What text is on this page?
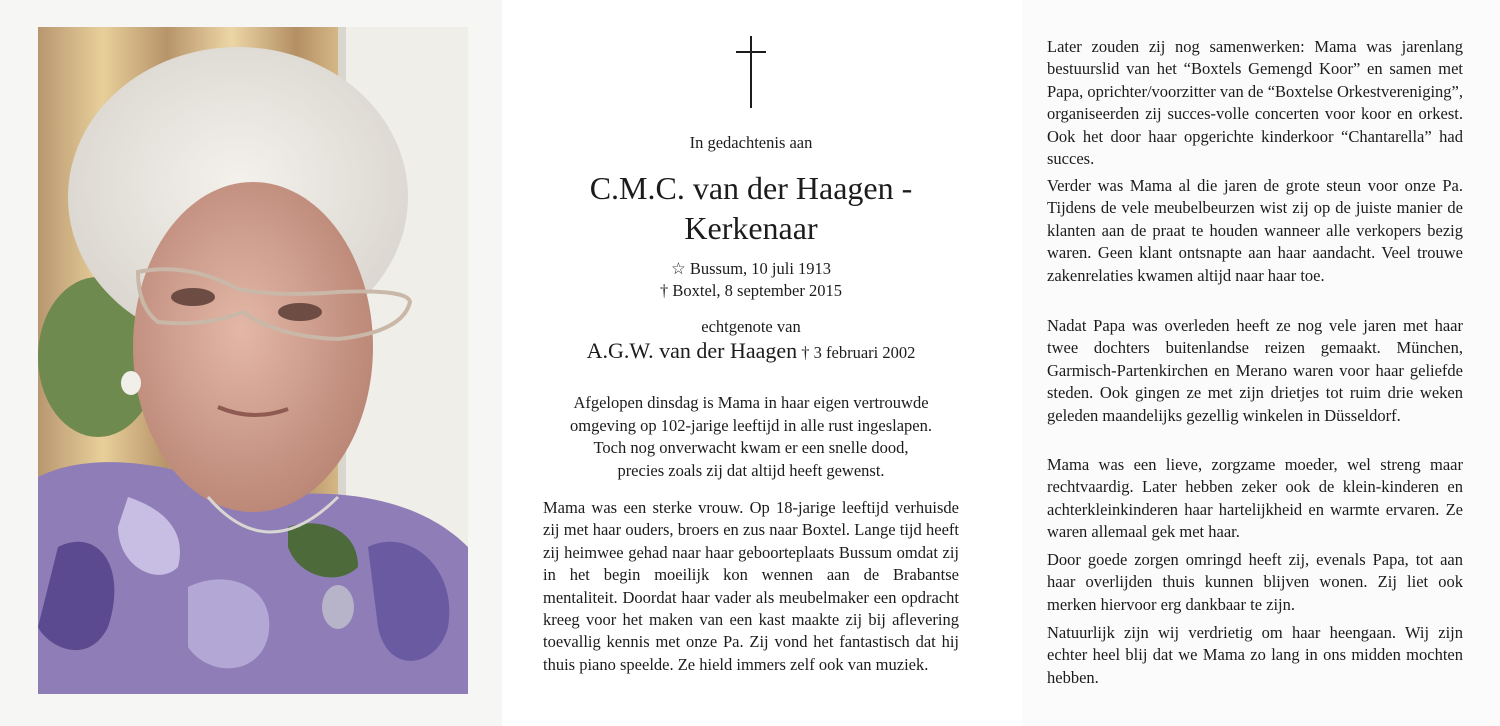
In gedachtenis aan

C.M.C. van der Haagen -
Kerkenaar

☆ Bussum, 10 juli 1913

† Boxtel, 8 september 2015

echtgenote van

A.G.W. van der Haagen † 3 februari 2002

Afgelopen dinsdag is Mama in haar eigen vertrouwde
omgeving op 102-jarige leeftijd in alle rust ingeslapen.
Toch nog onverwacht kwam er een snelle dood,
precies zoals zij dat altijd heeft gewenst.

Mama was een sterke vrouw. Op 18-jarige leeftijd verhuisde zij met haar ouders, broers en zus naar Boxtel. Lange tijd heeft zij heimwee gehad naar haar geboorteplaats Bussum omdat zij in het begin moeilijk kon wennen aan de Brabantse mentaliteit. Doordat haar vader als meubelmaker een opdracht kreeg voor het maken van een kast maakte zij bij aflevering toevallig kennis met onze Pa. Zij vond het fantastisch dat hij thuis piano speelde. Ze hield immers zelf ook van muziek.

Later zouden zij nog samenwerken: Mama was jarenlang bestuurslid van het “Boxtels Gemengd Koor” en samen met Papa, oprichter/voorzitter van de “Boxtelse Orkestvereniging”, organiseerden zij succes-volle concerten voor koor en orkest. Ook het door haar opgerichte kinderkoor “Chantarella” had succes.

Verder was Mama al die jaren de grote steun voor onze Pa. Tijdens de vele meubelbeurzen wist zij op de juiste manier de klanten aan de praat te houden wanneer alle verkopers bezig waren. Geen klant ontsnapte aan haar aandacht. Veel trouwe zakenrelaties kwamen altijd naar haar toe.

Nadat Papa was overleden heeft ze nog vele jaren met haar twee dochters buitenlandse reizen gemaakt. München, Garmisch-Partenkirchen en Merano waren voor haar geliefde steden. Ook gingen ze met zijn drietjes tot ruim drie weken geleden maandelijks gezellig winkelen in Düsseldorf.

Mama was een lieve, zorgzame moeder, wel streng maar rechtvaardig. Later hebben zeker ook de klein-kinderen en achterkleinkinderen haar hartelijkheid en warmte ervaren. Ze waren allemaal gek met haar.

Door goede zorgen omringd heeft zij, evenals Papa, tot aan haar overlijden thuis kunnen blijven wonen. Zij liet ook merken hiervoor erg dankbaar te zijn.

Natuurlijk zijn wij verdrietig om haar heengaan. Wij zijn echter heel blij dat we Mama zo lang in ons midden mochten hebben.
